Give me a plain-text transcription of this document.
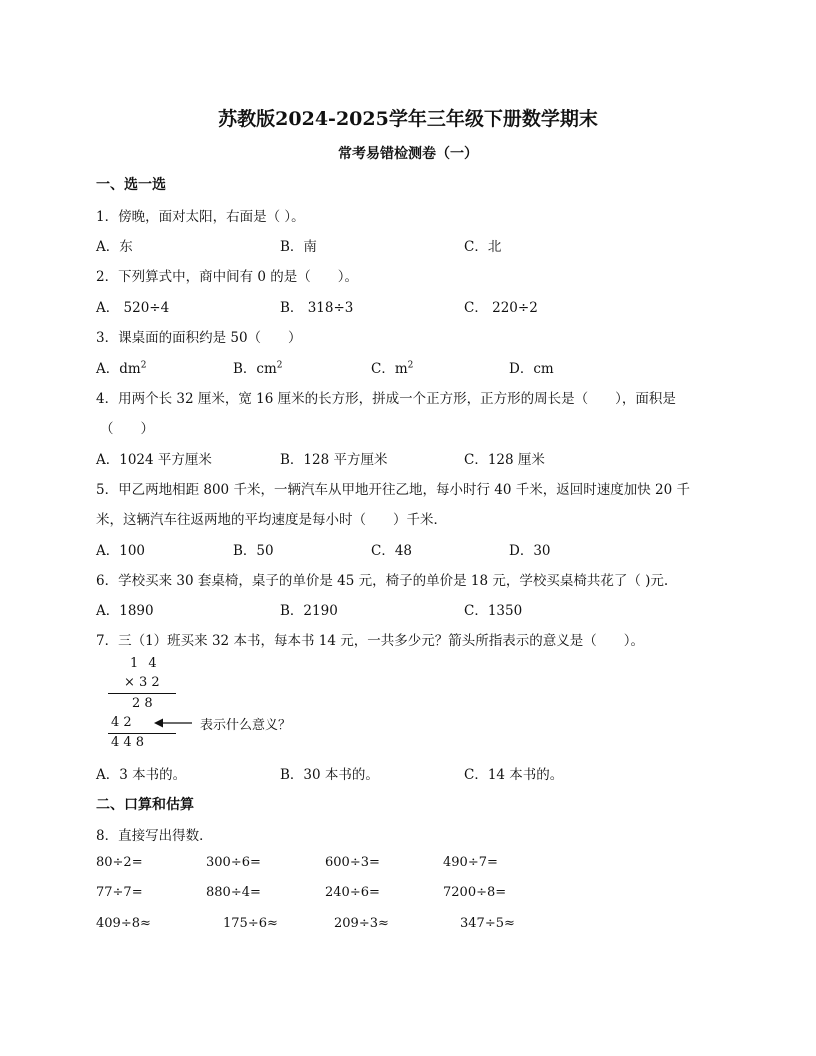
苏教版2024-2025学年三年级下册数学期末
常考易错检测卷（一）
一、选一选
1．傍晚，面对太阳，右面是（ ）。
A．东	B．南	C．北
2．下列算式中，商中间有 0 的是（　　）。
A． 520÷4	B． 318÷3	C． 220÷2
3．课桌面的面积约是 50（　　）
A．$dm^2$	B．$cm^2$	C．$m^2$	D．cm
4．用两个长 32 厘米，宽 16 厘米的长方形，拼成一个正方形，正方形的周长是（　　），面积是
（　　）
A．1024 平方厘米	B．128 平方厘米	C．128 厘米
5．甲乙两地相距 800 千米，一辆汽车从甲地开往乙地，每小时行 40 千米，返回时速度加快 20 千
米，这辆汽车往返两地的平均速度是每小时（　　）千米．
A．100	B．50	C．48	D．30
6．学校买来 30 套桌椅，桌子的单价是 45 元，椅子的单价是 18 元，学校买桌椅共花了（ )元.
A．1890	B．2190	C．1350
7．三（1）班买来 32 本书，每本书 14 元，一共多少元？箭头所指表示的意义是（　　）。
1 4
× 3 2
2 8
4 2
4 4 8
表示什么意义？
A．3 本书的。	B．30 本书的。	C．14 本书的。
二、口算和估算
8．直接写出得数．
80÷2=	300÷6=	600÷3=	490÷7=
77÷7=	880÷4=	240÷6=	7200÷8=
409÷8≈	175÷6≈	209÷3≈	347÷5≈
